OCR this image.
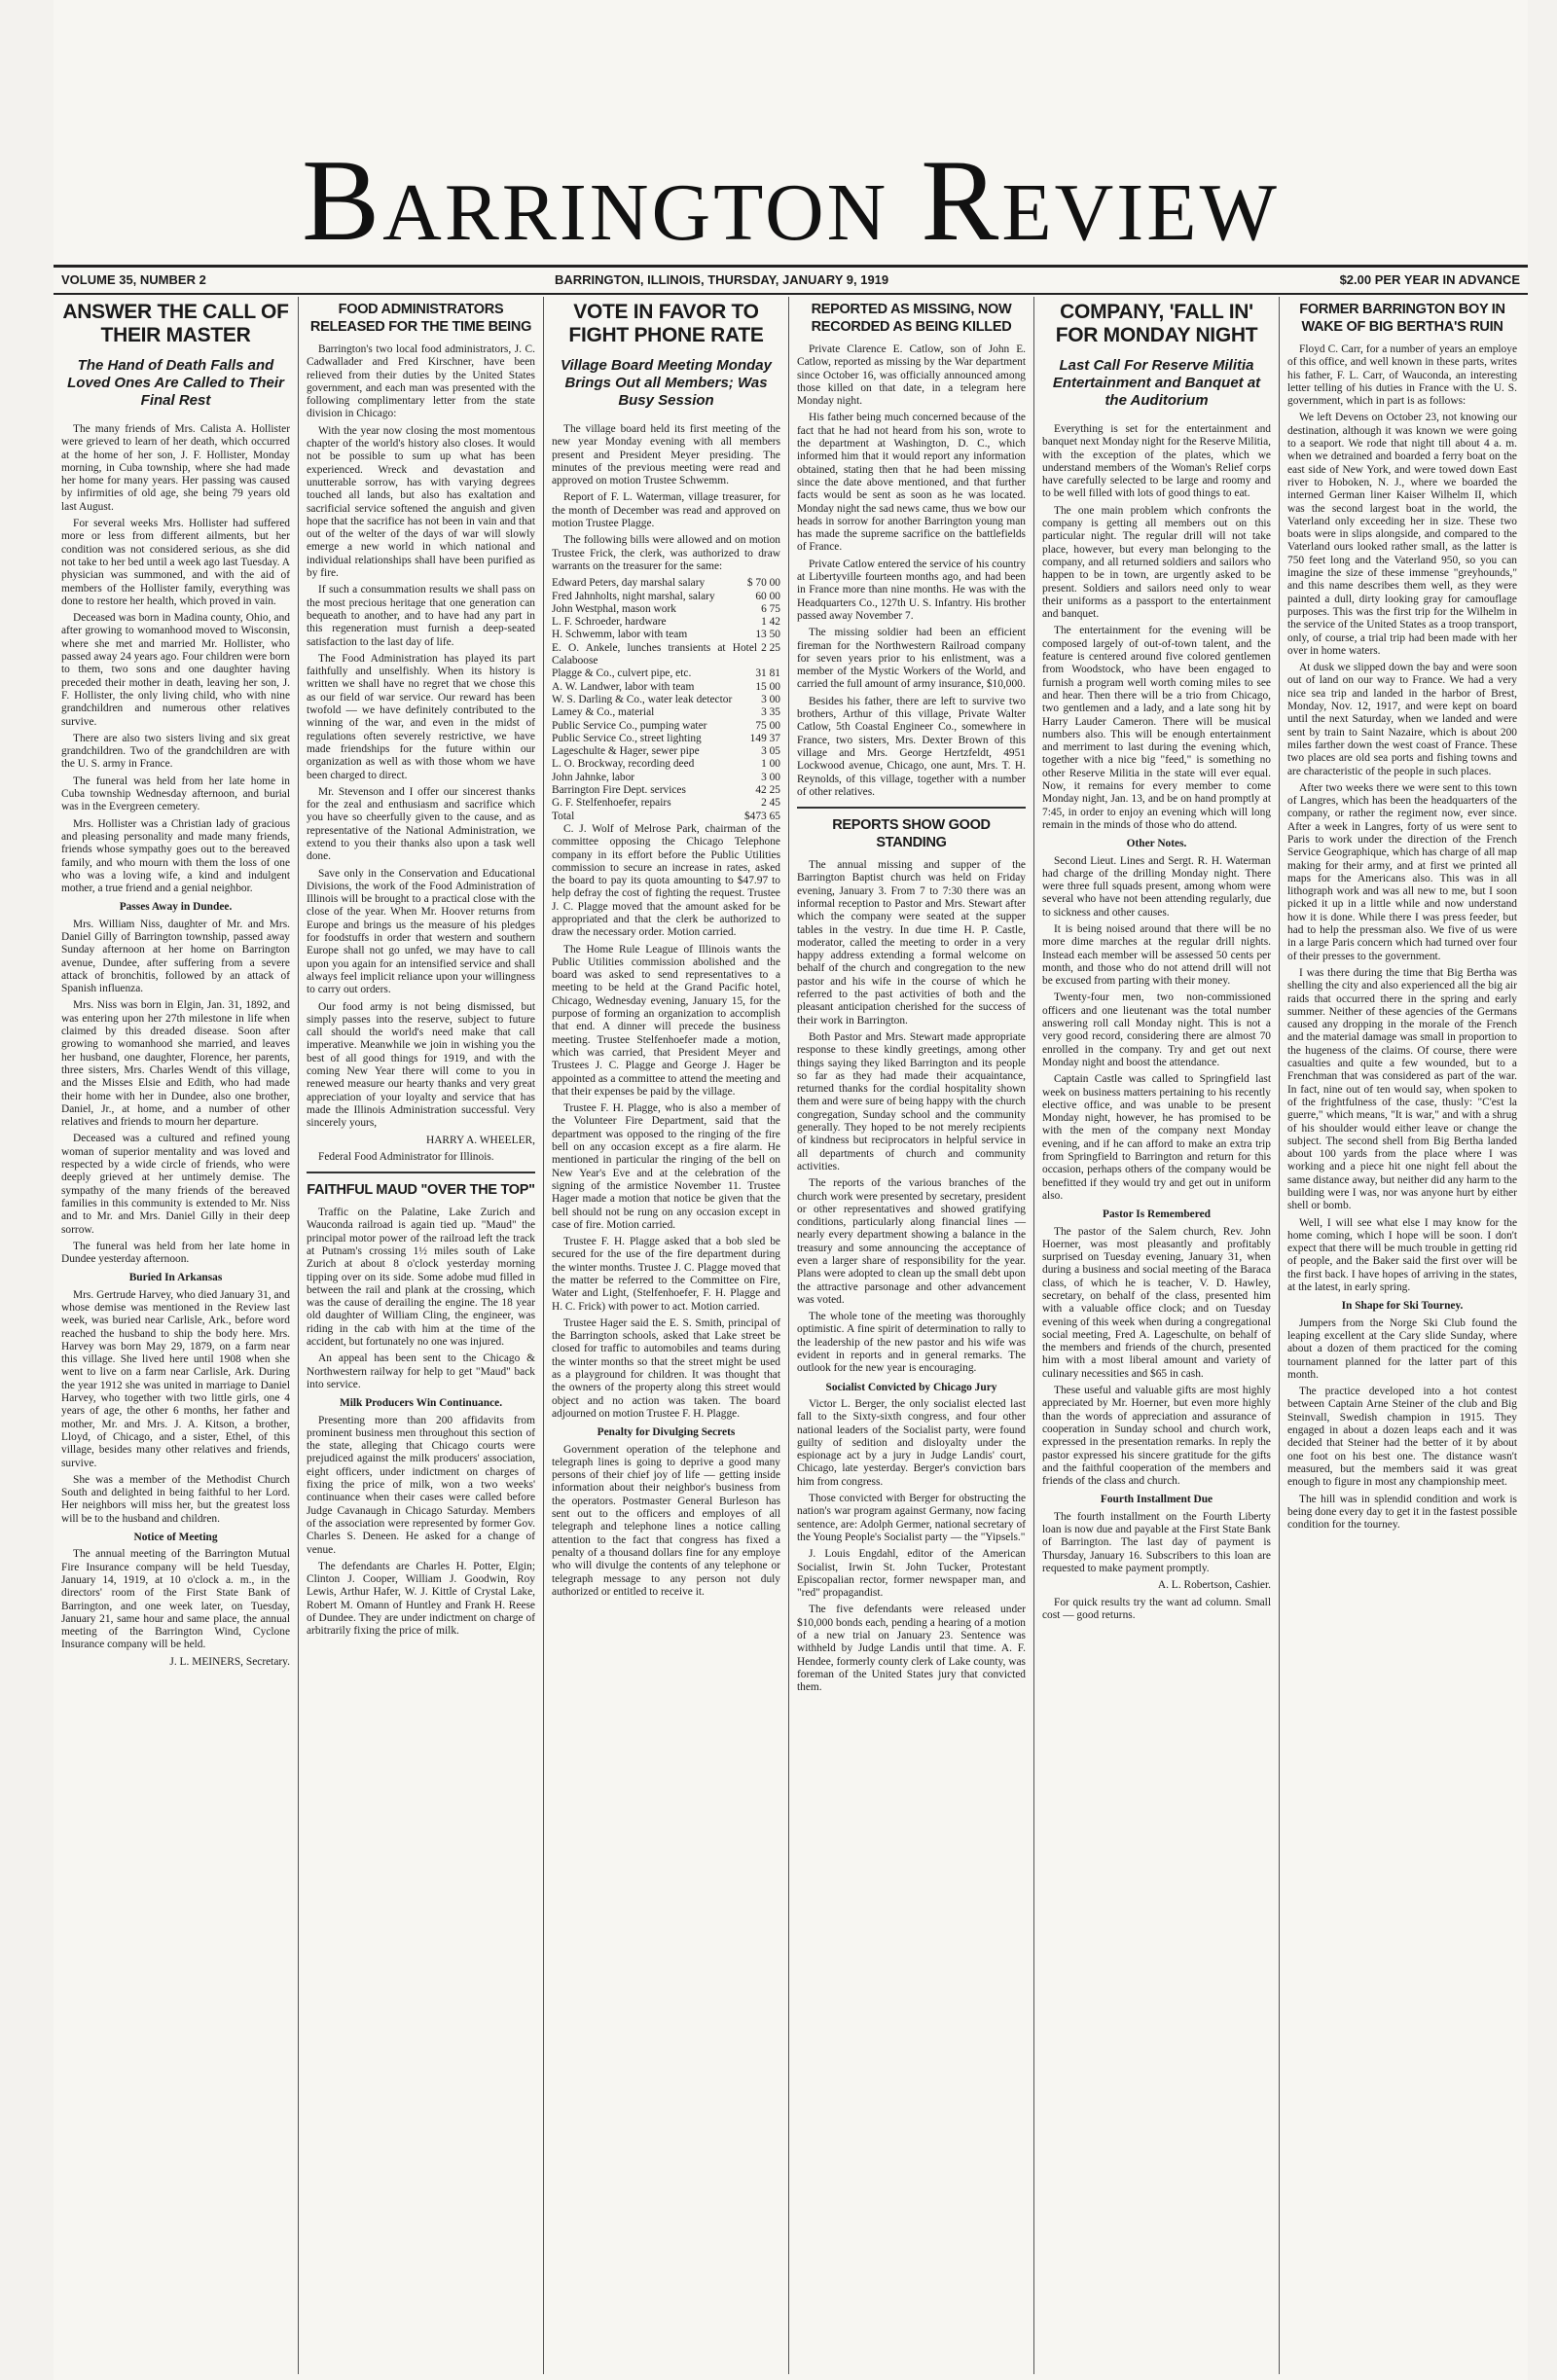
Barrington Review
VOLUME 35, NUMBER 2	BARRINGTON, ILLINOIS, THURSDAY, JANUARY 9, 1919	$2.00 PER YEAR IN ADVANCE
ANSWER THE CALL OF THEIR MASTER
The Hand of Death Falls and Loved Ones Are Called to Their Final Rest

The many friends of Mrs. Calista A. Hollister were grieved to learn of her death, which occurred at the home of her son, J. F. Hollister, Monday morning, in Cuba township, where she had made her home for many years. Her passing was caused by infirmities of old age, she being 79 years old last August.

For several weeks Mrs. Hollister had suffered more or less from different ailments, but her condition was not considered serious, as she did not take to her bed until a week ago last Tuesday. A physician was summoned, and with the aid of members of the Hollister family, everything was done to restore her health, which proved in vain.

Deceased was born in Madina county, Ohio, and after growing to womanhood moved to Wisconsin, where she met and married Mr. Hollister, who passed away 24 years ago. Four children were born to them, two sons and one daughter having preceded their mother in death, leaving her son, J. F. Hollister, the only living child, who with nine grandchildren and numerous other relatives survive.

There are also two sisters living and six great grandchildren. Two of the grandchildren are with the U. S. army in France.

The funeral was held from her late home in Cuba township Wednesday afternoon, and burial was in the Evergreen cemetery.

Mrs. Hollister was a Christian lady of gracious and pleasing personality and made many friends, friends whose sympathy goes out to the bereaved family, and who mourn with them the loss of one who was a loving wife, a kind and indulgent mother, a true friend and a genial neighbor.

Passes Away in Dundee.

Mrs. William Niss, daughter of Mr. and Mrs. Daniel Gilly of Barrington township, passed away Sunday afternoon at her home on Barrington avenue, Dundee, after suffering from a severe attack of bronchitis, followed by an attack of Spanish influenza.

Mrs. Niss was born in Elgin, Jan. 31, 1892, and was entering upon her 27th milestone in life when claimed by this dreaded disease. Soon after growing to womanhood she married, and leaves her husband, one daughter, Florence, her parents, three sisters, Mrs. Charles Wendt of this village, and the Misses Elsie and Edith, who had made their home with her in Dundee, also one brother, Daniel, Jr., at home, and a number of other relatives and friends to mourn her departure.

Deceased was a cultured and refined young woman of superior mentality and was loved and respected by a wide circle of friends, who were deeply grieved at her untimely demise. The sympathy of the many friends of the bereaved families in this community is extended to Mr. Niss and to Mr. and Mrs. Daniel Gilly in their deep sorrow.

The funeral was held from her late home in Dundee yesterday afternoon.

Buried In Arkansas

Mrs. Gertrude Harvey, who died January 31, and whose demise was mentioned in the Review last week, was buried near Carlisle, Ark., before word reached the husband to ship the body here. Mrs. Harvey was born May 29, 1879, on a farm near this village. She lived here until 1908 when she went to live on a farm near Carlisle, Ark. During the year 1912 she was united in marriage to Daniel Harvey, who together with two little girls, one 4 years of age, the other 6 months, her father and mother, Mr. and Mrs. J. A. Kitson, a brother, Lloyd, of Chicago, and a sister, Ethel, of this village, besides many other relatives and friends, survive.

She was a member of the Methodist Church South and delighted in being faithful to her Lord. Her neighbors will miss her, but the greatest loss will be to the husband and children.

Notice of Meeting

The annual meeting of the Barrington Mutual Fire Insurance company will be held Tuesday, January 14, 1919, at 10 o'clock a. m., in the directors' room of the First State Bank of Barrington, and one week later, on Tuesday, January 21, same hour and same place, the annual meeting of the Barrington Wind, Cyclone Insurance company will be held.

J. L. MEINERS, Secretary.

FOOD ADMINISTRATORS RELEASED FOR THE TIME BEING

Barrington's two local food administrators, J. C. Cadwallader and Fred Kirschner, have been relieved from their duties by the United States government, and each man was presented with the following complimentary letter from the state division in Chicago:

With the year now closing the most momentous chapter of the world's history also closes. It would not be possible to sum up what has been experienced. Wreck and devastation and unutterable sorrow, has with varying degrees touched all lands, but also has exaltation and sacrificial service softened the anguish and given hope that the sacrifice has not been in vain and that out of the welter of the days of war will slowly emerge a new world in which national and individual relationships shall have been purified as by fire.

If such a consummation results we shall pass on the most precious heritage that one generation can bequeath to another, and to have had any part in this regeneration must furnish a deep-seated satisfaction to the last day of life.

The Food Administration has played its part faithfully and unselfishly. When its history is written we shall have no regret that we chose this as our field of war service. Our reward has been twofold — we have definitely contributed to the winning of the war, and even in the midst of regulations often severely restrictive, we have made friendships for the future within our organization as well as with those whom we have been charged to direct.

Mr. Stevenson and I offer our sincerest thanks for the zeal and enthusiasm and sacrifice which you have so cheerfully given to the cause, and as representative of the National Administration, we extend to you their thanks also upon a task well done.

Save only in the Conservation and Educational Divisions, the work of the Food Administration of Illinois will be brought to a practical close with the close of the year. When Mr. Hoover returns from Europe and brings us the measure of his pledges for foodstuffs in order that western and southern Europe shall not go unfed, we may have to call upon you again for an intensified service and shall always feel implicit reliance upon your willingness to carry out orders.

Our food army is not being dismissed, but simply passes into the reserve, subject to future call should the world's need make that call imperative. Meanwhile we join in wishing you the best of all good things for 1919, and with the coming New Year there will come to you in renewed measure our hearty thanks and very great appreciation of your loyalty and service that has made the Illinois Administration successful. Very sincerely yours,

HARRY A. WHEELER,

Federal Food Administrator for Illinois.

FAITHFUL MAUD "OVER THE TOP"

Traffic on the Palatine, Lake Zurich and Wauconda railroad is again tied up. "Maud" the principal motor power of the railroad left the track at Putnam's crossing 1½ miles south of Lake Zurich at about 8 o'clock yesterday morning tipping over on its side. Some adobe mud filled in between the rail and plank at the crossing, which was the cause of derailing the engine. The 18 year old daughter of William Cling, the engineer, was riding in the cab with him at the time of the accident, but fortunately no one was injured.

An appeal has been sent to the Chicago & Northwestern railway for help to get "Maud" back into service.

Milk Producers Win Continuance.

Presenting more than 200 affidavits from prominent business men throughout this section of the state, alleging that Chicago courts were prejudiced against the milk producers' association, eight officers, under indictment on charges of fixing the price of milk, won a two weeks' continuance when their cases were called before Judge Cavanaugh in Chicago Saturday. Members of the association were represented by former Gov. Charles S. Deneen. He asked for a change of venue.

The defendants are Charles H. Potter, Elgin; Clinton J. Cooper, William J. Goodwin, Roy Lewis, Arthur Hafer, W. J. Kittle of Crystal Lake, Robert M. Omann of Huntley and Frank H. Reese of Dundee. They are under indictment on charge of arbitrarily fixing the price of milk.

VOTE IN FAVOR TO FIGHT PHONE RATE
Village Board Meeting Monday Brings Out all Members; Was Busy Session

The village board held its first meeting of the new year Monday evening with all members present and President Meyer presiding. The minutes of the previous meeting were read and approved on motion Trustee Schwemm.

Report of F. L. Waterman, village treasurer, for the month of December was read and approved on motion Trustee Plagge.

The following bills were allowed and on motion Trustee Frick, the clerk, was authorized to draw warrants on the treasurer for the same:

Edward Peters, day marshal salary	$ 70 00
Fred Jahnholts, night marshal, salary	60 00
John Westphal, mason work	6 75
L. F. Schroeder, hardware	1 42
H. Schwemm, labor with team	13 50
E. O. Ankele, lunches transients at Hotel Calaboose
2 25
Plagge & Co., culvert pipe, etc.	31 81
A. W. Landwer, labor with team	15 00
W. S. Darling & Co., water leak detector	3 00
Lamey & Co., material	3 35
Public Service Co., pumping water	75 00
Public Service Co., street lighting	149 37
Lageschulte & Hager, sewer pipe	3 05
L. O. Brockway, recording deed	1 00
John Jahnke, labor	3 00
Barrington Fire Dept. services	42 25
G. F. Stelfenhoefer, repairs	2 45
Total	$473 65

C. J. Wolf of Melrose Park, chairman of the committee opposing the Chicago Telephone company in its effort before the Public Utilities commission to secure an increase in rates, asked the board to pay its quota amounting to $47.97 to help defray the cost of fighting the request. Trustee J. C. Plagge moved that the amount asked for be appropriated and that the clerk be authorized to draw the necessary order. Motion carried.

The Home Rule League of Illinois wants the Public Utilities commission abolished and the board was asked to send representatives to a meeting to be held at the Grand Pacific hotel, Chicago, Wednesday evening, January 15, for the purpose of forming an organization to accomplish that end. A dinner will precede the business meeting. Trustee Stelfenhoefer made a motion, which was carried, that President Meyer and Trustees J. C. Plagge and George J. Hager be appointed as a committee to attend the meeting and that their expenses be paid by the village.

Trustee F. H. Plagge, who is also a member of the Volunteer Fire Department, said that the department was opposed to the ringing of the fire bell on any occasion except as a fire alarm. He mentioned in particular the ringing of the bell on New Year's Eve and at the celebration of the signing of the armistice November 11. Trustee Hager made a motion that notice be given that the bell should not be rung on any occasion except in case of fire. Motion carried.

Trustee F. H. Plagge asked that a bob sled be secured for the use of the fire department during the winter months. Trustee J. C. Plagge moved that the matter be referred to the Committee on Fire, Water and Light, (Stelfenhoefer, F. H. Plagge and H. C. Frick) with power to act. Motion carried.

Trustee Hager said the E. S. Smith, principal of the Barrington schools, asked that Lake street be closed for traffic to automobiles and teams during the winter months so that the street might be used as a playground for children. It was thought that the owners of the property along this street would object and no action was taken. The board adjourned on motion Trustee F. H. Plagge.

Penalty for Divulging Secrets

Government operation of the telephone and telegraph lines is going to deprive a good many persons of their chief joy of life — getting inside information about their neighbor's business from the operators. Postmaster General Burleson has sent out to the officers and employes of all telegraph and telephone lines a notice calling attention to the fact that congress has fixed a penalty of a thousand dollars fine for any employe who will divulge the contents of any telephone or telegraph message to any person not duly authorized or entitled to receive it.

REPORTED AS MISSING, NOW RECORDED AS BEING KILLED

Private Clarence E. Catlow, son of John E. Catlow, reported as missing by the War department since October 16, was officially announced among those killed on that date, in a telegram here Monday night.

His father being much concerned because of the fact that he had not heard from his son, wrote to the department at Washington, D. C., which informed him that it would report any information obtained, stating then that he had been missing since the date above mentioned, and that further facts would be sent as soon as he was located. Monday night the sad news came, thus we bow our heads in sorrow for another Barrington young man has made the supreme sacrifice on the battlefields of France.

Private Catlow entered the service of his country at Libertyville fourteen months ago, and had been in France more than nine months. He was with the Headquarters Co., 127th U. S. Infantry. His brother passed away November 7.

The missing soldier had been an efficient fireman for the Northwestern Railroad company for seven years prior to his enlistment, was a member of the Mystic Workers of the World, and carried the full amount of army insurance, $10,000.

Besides his father, there are left to survive two brothers, Arthur of this village, Private Walter Catlow, 5th Coastal Engineer Co., somewhere in France, two sisters, Mrs. Dexter Brown of this village and Mrs. George Hertzfeldt, 4951 Lockwood avenue, Chicago, one aunt, Mrs. T. H. Reynolds, of this village, together with a number of other relatives.

REPORTS SHOW GOOD STANDING

The annual missing and supper of the Barrington Baptist church was held on Friday evening, January 3. From 7 to 7:30 there was an informal reception to Pastor and Mrs. Stewart after which the company were seated at the supper tables in the vestry. In due time H. P. Castle, moderator, called the meeting to order in a very happy address extending a formal welcome on behalf of the church and congregation to the new pastor and his wife in the course of which he referred to the past activities of both and the pleasant anticipation cherished for the success of their work in Barrington.

Both Pastor and Mrs. Stewart made appropriate response to these kindly greetings, among other things saying they liked Barrington and its people so far as they had made their acquaintance, returned thanks for the cordial hospitality shown them and were sure of being happy with the church congregation, Sunday school and the community generally. They hoped to be not merely recipients of kindness but reciprocators in helpful service in all departments of church and community activities.

The reports of the various branches of the church work were presented by secretary, president or other representatives and showed gratifying conditions, particularly along financial lines — nearly every department showing a balance in the treasury and some announcing the acceptance of even a larger share of responsibility for the year. Plans were adopted to clean up the small debt upon the attractive parsonage and other advancement was voted.

The whole tone of the meeting was thoroughly optimistic. A fine spirit of determination to rally to the leadership of the new pastor and his wife was evident in reports and in general remarks. The outlook for the new year is encouraging.

Socialist Convicted by Chicago Jury

Victor L. Berger, the only socialist elected last fall to the Sixty-sixth congress, and four other national leaders of the Socialist party, were found guilty of sedition and disloyalty under the espionage act by a jury in Judge Landis' court, Chicago, late yesterday. Berger's conviction bars him from congress.

Those convicted with Berger for obstructing the nation's war program against Germany, now facing sentence, are: Adolph Germer, national secretary of the Young People's Socialist party — the "Yipsels."

J. Louis Engdahl, editor of the American Socialist, Irwin St. John Tucker, Protestant Episcopalian rector, former newspaper man, and "red" propagandist.

The five defendants were released under $10,000 bonds each, pending a hearing of a motion of a new trial on January 23. Sentence was withheld by Judge Landis until that time. A. F. Hendee, formerly county clerk of Lake county, was foreman of the United States jury that convicted them.

COMPANY, 'FALL IN' FOR MONDAY NIGHT
Last Call For Reserve Militia Entertainment and Banquet at the Auditorium

Everything is set for the entertainment and banquet next Monday night for the Reserve Militia, with the exception of the plates, which we understand members of the Woman's Relief corps have carefully selected to be large and roomy and to be well filled with lots of good things to eat.

The one main problem which confronts the company is getting all members out on this particular night. The regular drill will not take place, however, but every man belonging to the company, and all returned soldiers and sailors who happen to be in town, are urgently asked to be present. Soldiers and sailors need only to wear their uniforms as a passport to the entertainment and banquet.

The entertainment for the evening will be composed largely of out-of-town talent, and the feature is centered around five colored gentlemen from Woodstock, who have been engaged to furnish a program well worth coming miles to see and hear. Then there will be a trio from Chicago, two gentlemen and a lady, and a late song hit by Harry Lauder Cameron. There will be musical numbers also. This will be enough entertainment and merriment to last during the evening which, together with a nice big "feed," is something no other Reserve Militia in the state will ever equal. Now, it remains for every member to come Monday night, Jan. 13, and be on hand promptly at 7:45, in order to enjoy an evening which will long remain in the minds of those who do attend.

Other Notes.

Second Lieut. Lines and Sergt. R. H. Waterman had charge of the drilling Monday night. There were three full squads present, among whom were several who have not been attending regularly, due to sickness and other causes.

It is being noised around that there will be no more dime marches at the regular drill nights. Instead each member will be assessed 50 cents per month, and those who do not attend drill will not be excused from parting with their money.

Twenty-four men, two non-commissioned officers and one lieutenant was the total number answering roll call Monday night. This is not a very good record, considering there are almost 70 enrolled in the company. Try and get out next Monday night and boost the attendance.

Captain Castle was called to Springfield last week on business matters pertaining to his recently elective office, and was unable to be present Monday night, however, he has promised to be with the men of the company next Monday evening, and if he can afford to make an extra trip from Springfield to Barrington and return for this occasion, perhaps others of the company would be benefitted if they would try and get out in uniform also.

Pastor Is Remembered

The pastor of the Salem church, Rev. John Hoerner, was most pleasantly and profitably surprised on Tuesday evening, January 31, when during a business and social meeting of the Baraca class, of which he is teacher, V. D. Hawley, secretary, on behalf of the class, presented him with a valuable office clock; and on Tuesday evening of this week when during a congregational social meeting, Fred A. Lageschulte, on behalf of the members and friends of the church, presented him with a most liberal amount and variety of culinary necessities and $65 in cash.

These useful and valuable gifts are most highly appreciated by Mr. Hoerner, but even more highly than the words of appreciation and assurance of cooperation in Sunday school and church work, expressed in the presentation remarks. In reply the pastor expressed his sincere gratitude for the gifts and the faithful cooperation of the members and friends of the class and church.

Fourth Installment Due

The fourth installment on the Fourth Liberty loan is now due and payable at the First State Bank of Barrington. The last day of payment is Thursday, January 16. Subscribers to this loan are requested to make payment promptly.

A. L. Robertson, Cashier.

For quick results try the want ad column. Small cost — good returns.

FORMER BARRINGTON BOY IN WAKE OF BIG BERTHA'S RUIN

Floyd C. Carr, for a number of years an employe of this office, and well known in these parts, writes his father, F. L. Carr, of Wauconda, an interesting letter telling of his duties in France with the U. S. government, which in part is as follows:

We left Devens on October 23, not knowing our destination, although it was known we were going to a seaport. We rode that night till about 4 a. m. when we detrained and boarded a ferry boat on the east side of New York, and were towed down East river to Hoboken, N. J., where we boarded the interned German liner Kaiser Wilhelm II, which was the second largest boat in the world, the Vaterland only exceeding her in size. These two boats were in slips alongside, and compared to the Vaterland ours looked rather small, as the latter is 750 feet long and the Vaterland 950, so you can imagine the size of these immense "greyhounds," and this name describes them well, as they were painted a dull, dirty looking gray for camouflage purposes. This was the first trip for the Wilhelm in the service of the United States as a troop transport, only, of course, a trial trip had been made with her over in home waters.

At dusk we slipped down the bay and were soon out of land on our way to France. We had a very nice sea trip and landed in the harbor of Brest, Monday, Nov. 12, 1917, and were kept on board until the next Saturday, when we landed and were sent by train to Saint Nazaire, which is about 200 miles farther down the west coast of France. These two places are old sea ports and fishing towns and are characteristic of the people in such places.

After two weeks there we were sent to this town of Langres, which has been the headquarters of the company, or rather the regiment now, ever since. After a week in Langres, forty of us were sent to Paris to work under the direction of the French Service Geographique, which has charge of all map making for their army, and at first we printed all maps for the Americans also. This was in all lithograph work and was all new to me, but I soon picked it up in a little while and now understand how it is done. While there I was press feeder, but had to help the pressman also. We five of us were in a large Paris concern which had turned over four of their presses to the government.

I was there during the time that Big Bertha was shelling the city and also experienced all the big air raids that occurred there in the spring and early summer. Neither of these agencies of the Germans caused any dropping in the morale of the French and the material damage was small in proportion to the hugeness of the claims. Of course, there were casualties and quite a few wounded, but to a Frenchman that was considered as part of the war. In fact, nine out of ten would say, when spoken to of the frightfulness of the case, thusly: "C'est la guerre," which means, "It is war," and with a shrug of his shoulder would either leave or change the subject. The second shell from Big Bertha landed about 100 yards from the place where I was working and a piece hit one night fell about the same distance away, but neither did any harm to the building were I was, nor was anyone hurt by either shell or bomb.

Well, I will see what else I may know for the home coming, which I hope will be soon. I don't expect that there will be much trouble in getting rid of people, and the Baker said the first over will be the first back. I have hopes of arriving in the states, at the latest, in early spring.

In Shape for Ski Tourney.

Jumpers from the Norge Ski Club found the leaping excellent at the Cary slide Sunday, where about a dozen of them practiced for the coming tournament planned for the latter part of this month.

The practice developed into a hot contest between Captain Arne Steiner of the club and Big Steinvall, Swedish champion in 1915. They engaged in about a dozen leaps each and it was decided that Steiner had the better of it by about one foot on his best one. The distance wasn't measured, but the members said it was great enough to figure in most any championship meet.

The hill was in splendid condition and work is being done every day to get it in the fastest possible condition for the tourney.
